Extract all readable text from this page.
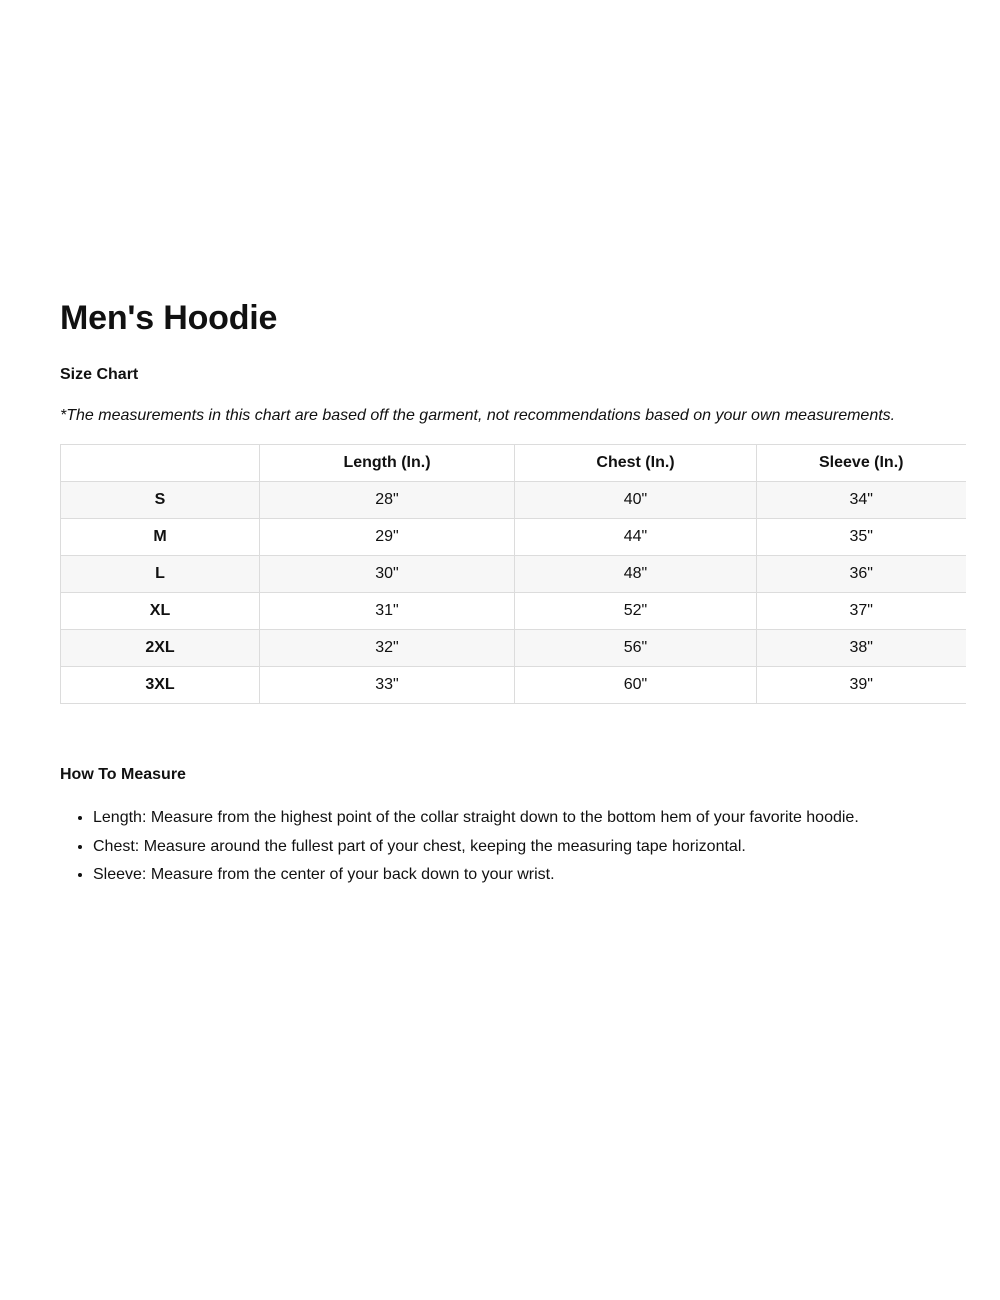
Men's Hoodie

Size Chart

*The measurements in this chart are based off the garment, not recommendations based on your own measurements.

	Length (In.)	Chest (In.)	Sleeve (In.)
S	28"	40"	34"
M	29"	44"	35"
L	30"	48"	36"
XL	31"	52"	37"
2XL	32"	56"	38"
3XL	33"	60"	39"

How To Measure

• Length: Measure from the highest point of the collar straight down to the bottom hem of your favorite hoodie.
• Chest: Measure around the fullest part of your chest, keeping the measuring tape horizontal.
• Sleeve: Measure from the center of your back down to your wrist.
